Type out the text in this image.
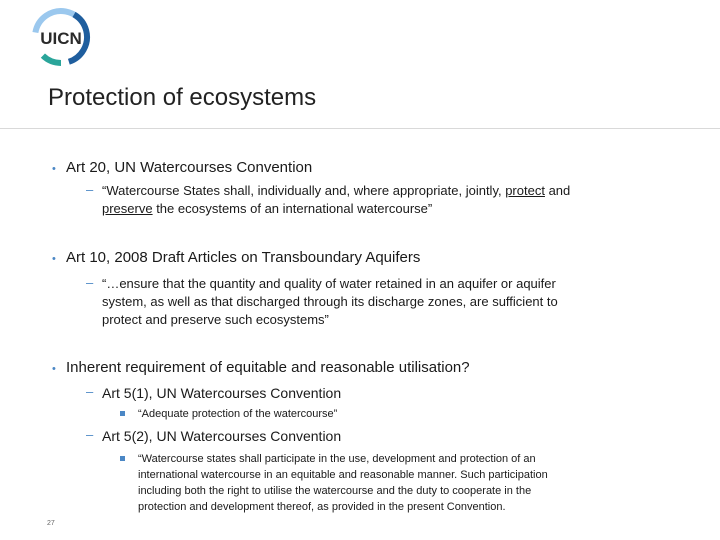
UICN
Protection of ecosystems
• Art 20, UN Watercourses Convention

– “Watercourse States shall, individually and, where appropriate, jointly, protect and

preserve the ecosystems of an international watercourse”

• Art 10, 2008 Draft Articles on Transboundary Aquifers

– “…ensure that the quantity and quality of water retained in an aquifer or aquifer

system, as well as that discharged through its discharge zones, are sufficient to

protect and preserve such ecosystems”

• Inherent requirement of equitable and reasonable utilisation?

– Art 5(1), UN Watercourses Convention

“Adequate protection of the watercourse”

– Art 5(2), UN Watercourses Convention

“Watercourse states shall participate in the use, development and protection of an

international watercourse in an equitable and reasonable manner. Such participation

including both the right to utilise the watercourse and the duty to cooperate in the

protection and development thereof, as provided in the present Convention.

27
